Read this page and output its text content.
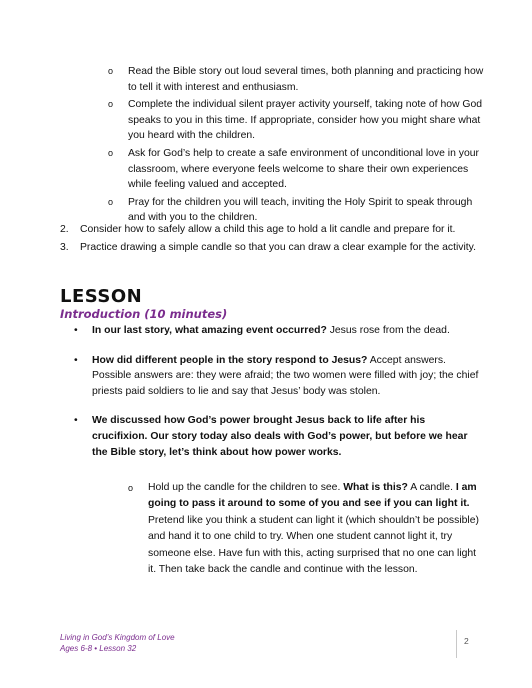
o Read the Bible story out loud several times, both planning and practicing how to tell it with interest and enthusiasm.
o Complete the individual silent prayer activity yourself, taking note of how God speaks to you in this time. If appropriate, consider how you might share what you heard with the children.
o Ask for God’s help to create a safe environment of unconditional love in your classroom, where everyone feels welcome to share their own experiences while feeling valued and accepted.
o Pray for the children you will teach, inviting the Holy Spirit to speak through and with you to the children.
2. Consider how to safely allow a child this age to hold a lit candle and prepare for it.
3. Practice drawing a simple candle so that you can draw a clear example for the activity.
LESSON
Introduction (10 minutes)
• In our last story, what amazing event occurred? Jesus rose from the dead.
• How did different people in the story respond to Jesus? Accept answers. Possible answers are: they were afraid; the two women were filled with joy; the chief priests paid soldiers to lie and say that Jesus’ body was stolen.
• We discussed how God’s power brought Jesus back to life after his crucifixion. Our story today also deals with God’s power, but before we hear the Bible story, let’s think about how power works.
o Hold up the candle for the children to see. What is this? A candle. I am going to pass it around to some of you and see if you can light it. Pretend like you think a student can light it (which shouldn’t be possible) and hand it to one child to try. When one student cannot light it, try someone else. Have fun with this, acting surprised that no one can light it. Then take back the candle and continue with the lesson.
Living in God’s Kingdom of Love
Ages 6-8 • Lesson 32
2
